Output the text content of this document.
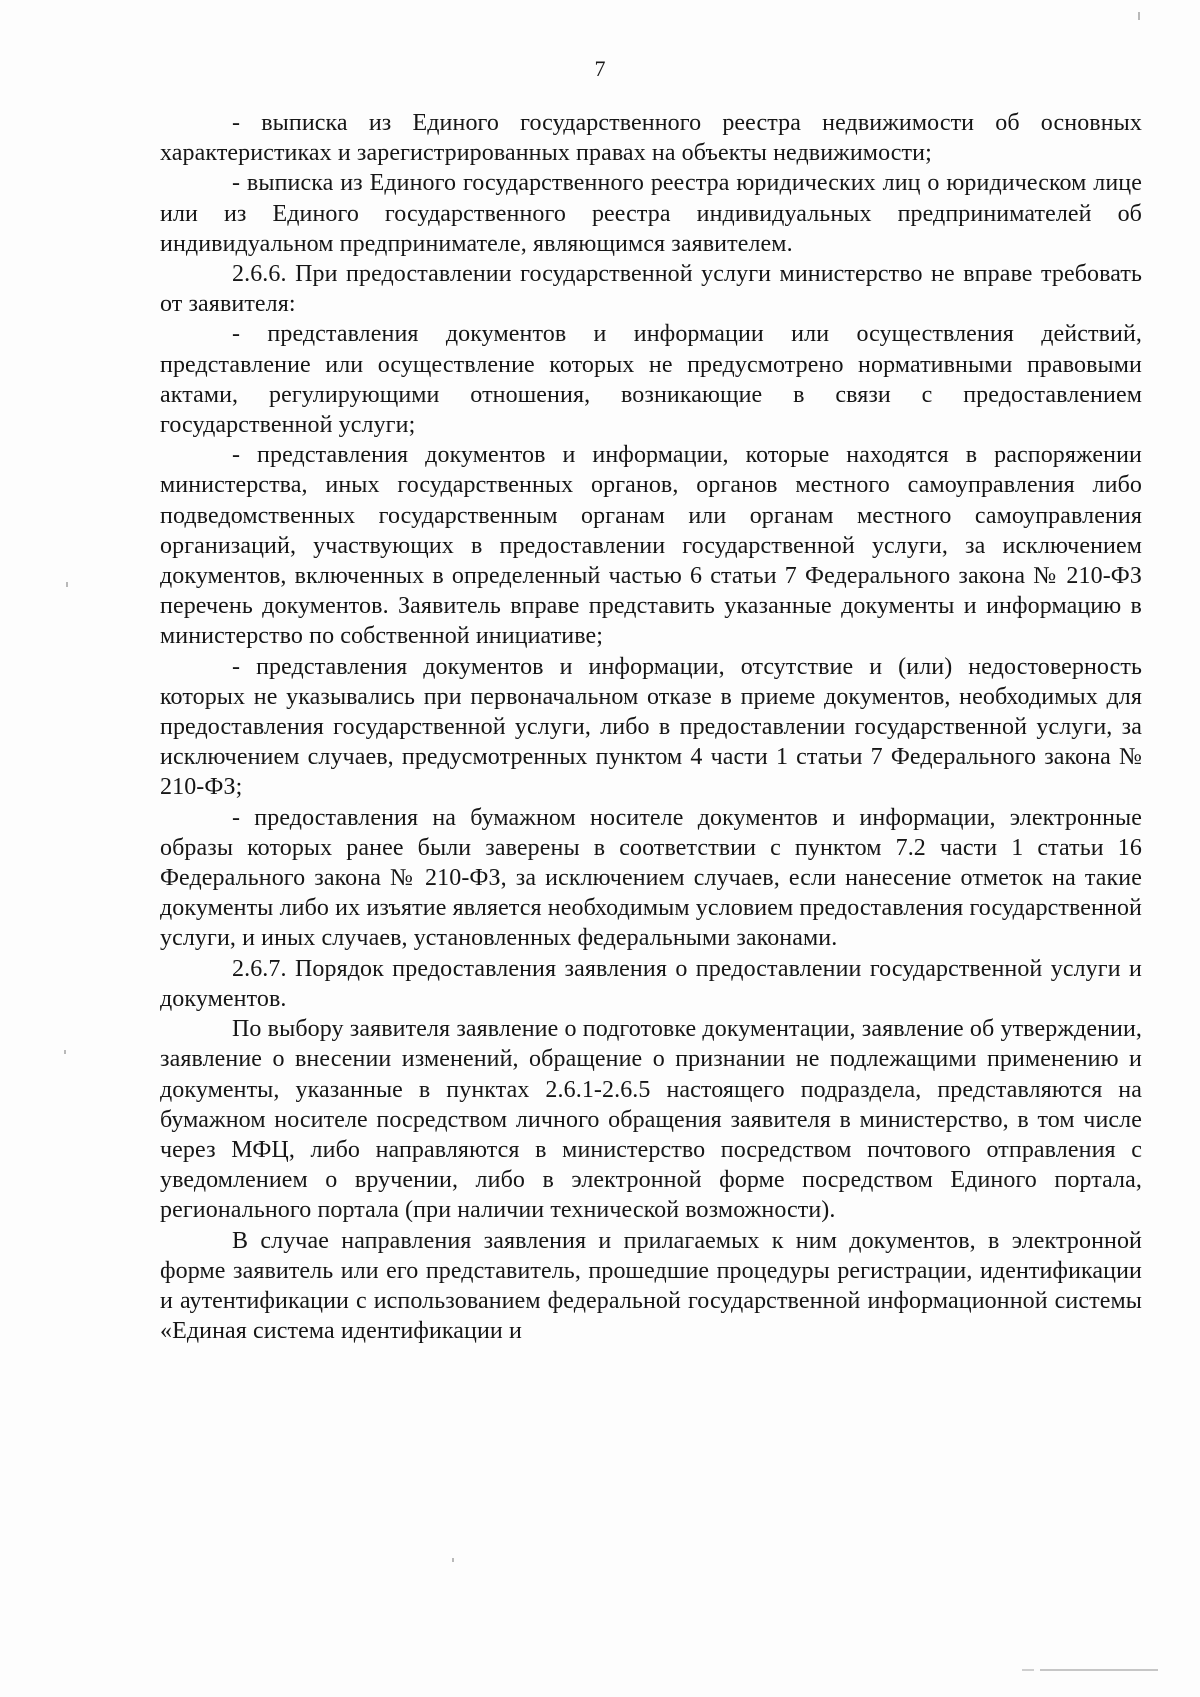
7

- выписка из Единого государственного реестра недвижимости об основных характеристиках и зарегистрированных правах на объекты недвижимости;

- выписка из Единого государственного реестра юридических лиц о юридическом лице или из Единого государственного реестра индивидуальных предпринимателей об индивидуальном предпринимателе, являющимся заявителем.

2.6.6. При предоставлении государственной услуги министерство не вправе требовать от заявителя:

- представления документов и информации или осуществления действий, представление или осуществление которых не предусмотрено нормативными правовыми актами, регулирующими отношения, возникающие в связи с предоставлением государственной услуги;

- представления документов и информации, которые находятся в распоряжении министерства, иных государственных органов, органов местного самоуправления либо подведомственных государственным органам или органам местного самоуправления организаций, участвующих в предоставлении государственной услуги, за исключением документов, включенных в определенный частью 6 статьи 7 Федерального закона № 210-ФЗ перечень документов. Заявитель вправе представить указанные документы и информацию в министерство по собственной инициативе;

- представления документов и информации, отсутствие и (или) недостоверность которых не указывались при первоначальном отказе в приеме документов, необходимых для предоставления государственной услуги, либо в предоставлении государственной услуги, за исключением случаев, предусмотренных пунктом 4 части 1 статьи 7 Федерального закона № 210-ФЗ;

- предоставления на бумажном носителе документов и информации, электронные образы которых ранее были заверены в соответствии с пунктом 7.2 части 1 статьи 16 Федерального закона № 210-ФЗ, за исключением случаев, если нанесение отметок на такие документы либо их изъятие является необходимым условием предоставления государственной услуги, и иных случаев, установленных федеральными законами.

2.6.7. Порядок предоставления заявления о предоставлении государственной услуги и документов.

По выбору заявителя заявление о подготовке документации, заявление об утверждении, заявление о внесении изменений, обращение о признании не подлежащими применению и документы, указанные в пунктах 2.6.1-2.6.5 настоящего подраздела, представляются на бумажном носителе посредством личного обращения заявителя в министерство, в том числе через МФЦ, либо направляются в министерство посредством почтового отправления с уведомлением о вручении, либо в электронной форме посредством Единого портала, регионального портала (при наличии технической возможности).

В случае направления заявления и прилагаемых к ним документов, в электронной форме заявитель или его представитель, прошедшие процедуры регистрации, идентификации и аутентификации с использованием федеральной государственной информационной системы «Единая система идентификации и
